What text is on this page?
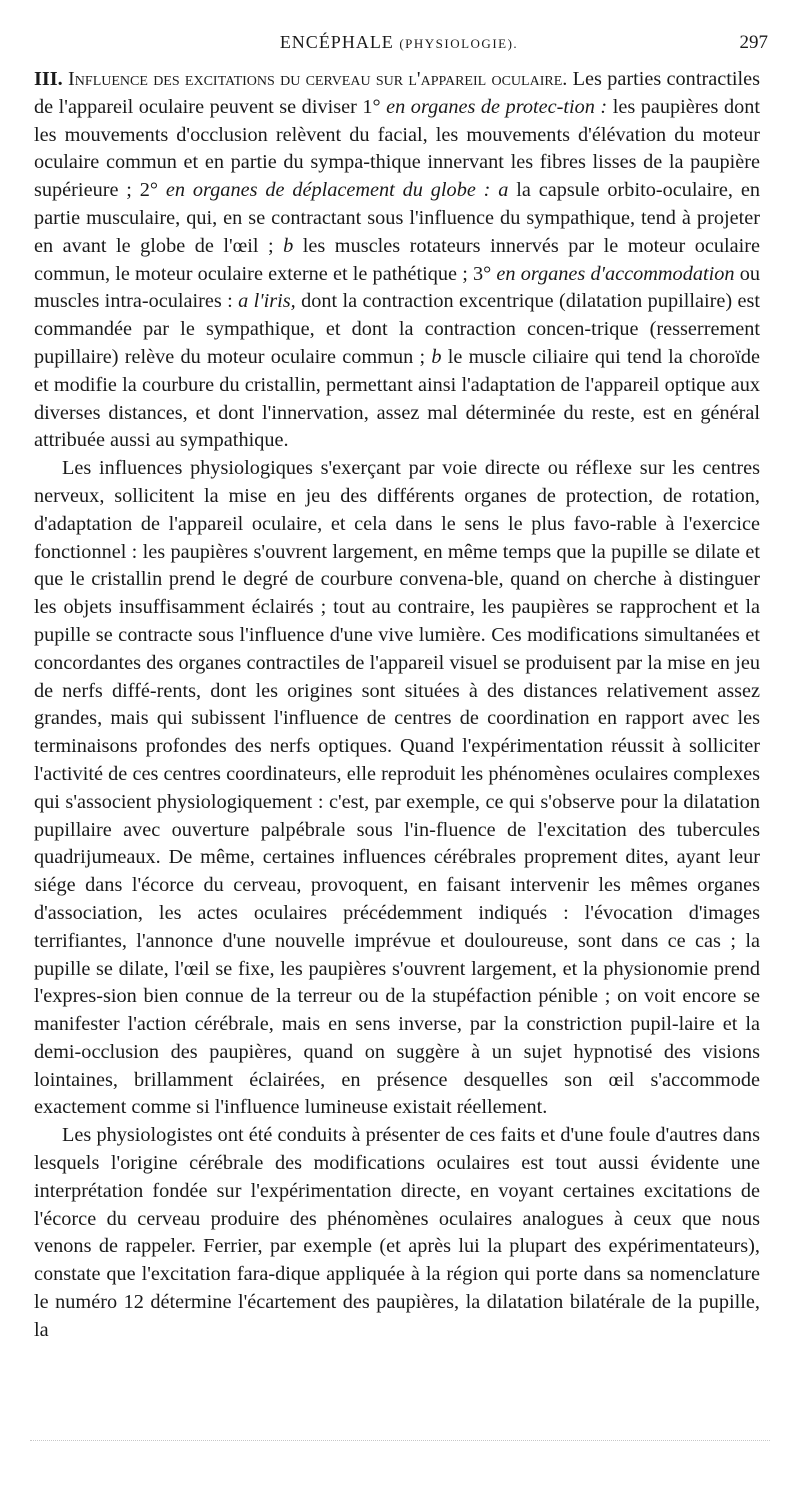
ENCÉPHALE (PHYSIOLOGIE).	297

III. Influence des excitations du cerveau sur l'appareil oculaire. Les parties contractiles de l'appareil oculaire peuvent se diviser 1° en organes de protec-tion : les paupières dont les mouvements d'occlusion relèvent du facial, les mouvements d'élévation du moteur oculaire commun et en partie du sympa-thique innervant les fibres lisses de la paupière supérieure ; 2° en organes de déplacement du globe : a la capsule orbito-oculaire, en partie musculaire, qui, en se contractant sous l'influence du sympathique, tend à projeter en avant le globe de l'œil ; b les muscles rotateurs innervés par le moteur oculaire commun, le moteur oculaire externe et le pathétique ; 3° en organes d'accommodation ou muscles intra-oculaires : a l'iris, dont la contraction excentrique (dilatation pupillaire) est commandée par le sympathique, et dont la contraction concen-trique (resserrement pupillaire) relève du moteur oculaire commun ; b le muscle ciliaire qui tend la choroïde et modifie la courbure du cristallin, permettant ainsi l'adaptation de l'appareil optique aux diverses distances, et dont l'innervation, assez mal déterminée du reste, est en général attribuée aussi au sympathique.

Les influences physiologiques s'exerçant par voie directe ou réflexe sur les centres nerveux, sollicitent la mise en jeu des différents organes de protection, de rotation, d'adaptation de l'appareil oculaire, et cela dans le sens le plus favo-rable à l'exercice fonctionnel : les paupières s'ouvrent largement, en même temps que la pupille se dilate et que le cristallin prend le degré de courbure convena-ble, quand on cherche à distinguer les objets insuffisamment éclairés ; tout au contraire, les paupières se rapprochent et la pupille se contracte sous l'influence d'une vive lumière. Ces modifications simultanées et concordantes des organes contractiles de l'appareil visuel se produisent par la mise en jeu de nerfs diffé-rents, dont les origines sont situées à des distances relativement assez grandes, mais qui subissent l'influence de centres de coordination en rapport avec les terminaisons profondes des nerfs optiques. Quand l'expérimentation réussit à solliciter l'activité de ces centres coordinateurs, elle reproduit les phénomènes oculaires complexes qui s'associent physiologiquement : c'est, par exemple, ce qui s'observe pour la dilatation pupillaire avec ouverture palpébrale sous l'in-fluence de l'excitation des tubercules quadrijumeaux. De même, certaines influences cérébrales proprement dites, ayant leur siége dans l'écorce du cerveau, provoquent, en faisant intervenir les mêmes organes d'association, les actes oculaires précédemment indiqués : l'évocation d'images terrifiantes, l'annonce d'une nouvelle imprévue et douloureuse, sont dans ce cas ; la pupille se dilate, l'œil se fixe, les paupières s'ouvrent largement, et la physionomie prend l'expres-sion bien connue de la terreur ou de la stupéfaction pénible ; on voit encore se manifester l'action cérébrale, mais en sens inverse, par la constriction pupil-laire et la demi-occlusion des paupières, quand on suggère à un sujet hypnotisé des visions lointaines, brillamment éclairées, en présence desquelles son œil s'accommode exactement comme si l'influence lumineuse existait réellement.

Les physiologistes ont été conduits à présenter de ces faits et d'une foule d'autres dans lesquels l'origine cérébrale des modifications oculaires est tout aussi évidente une interprétation fondée sur l'expérimentation directe, en voyant certaines excitations de l'écorce du cerveau produire des phénomènes oculaires analogues à ceux que nous venons de rappeler. Ferrier, par exemple (et après lui la plupart des expérimentateurs), constate que l'excitation fara-dique appliquée à la région qui porte dans sa nomenclature le numéro 12 détermine l'écartement des paupières, la dilatation bilatérale de la pupille, la
